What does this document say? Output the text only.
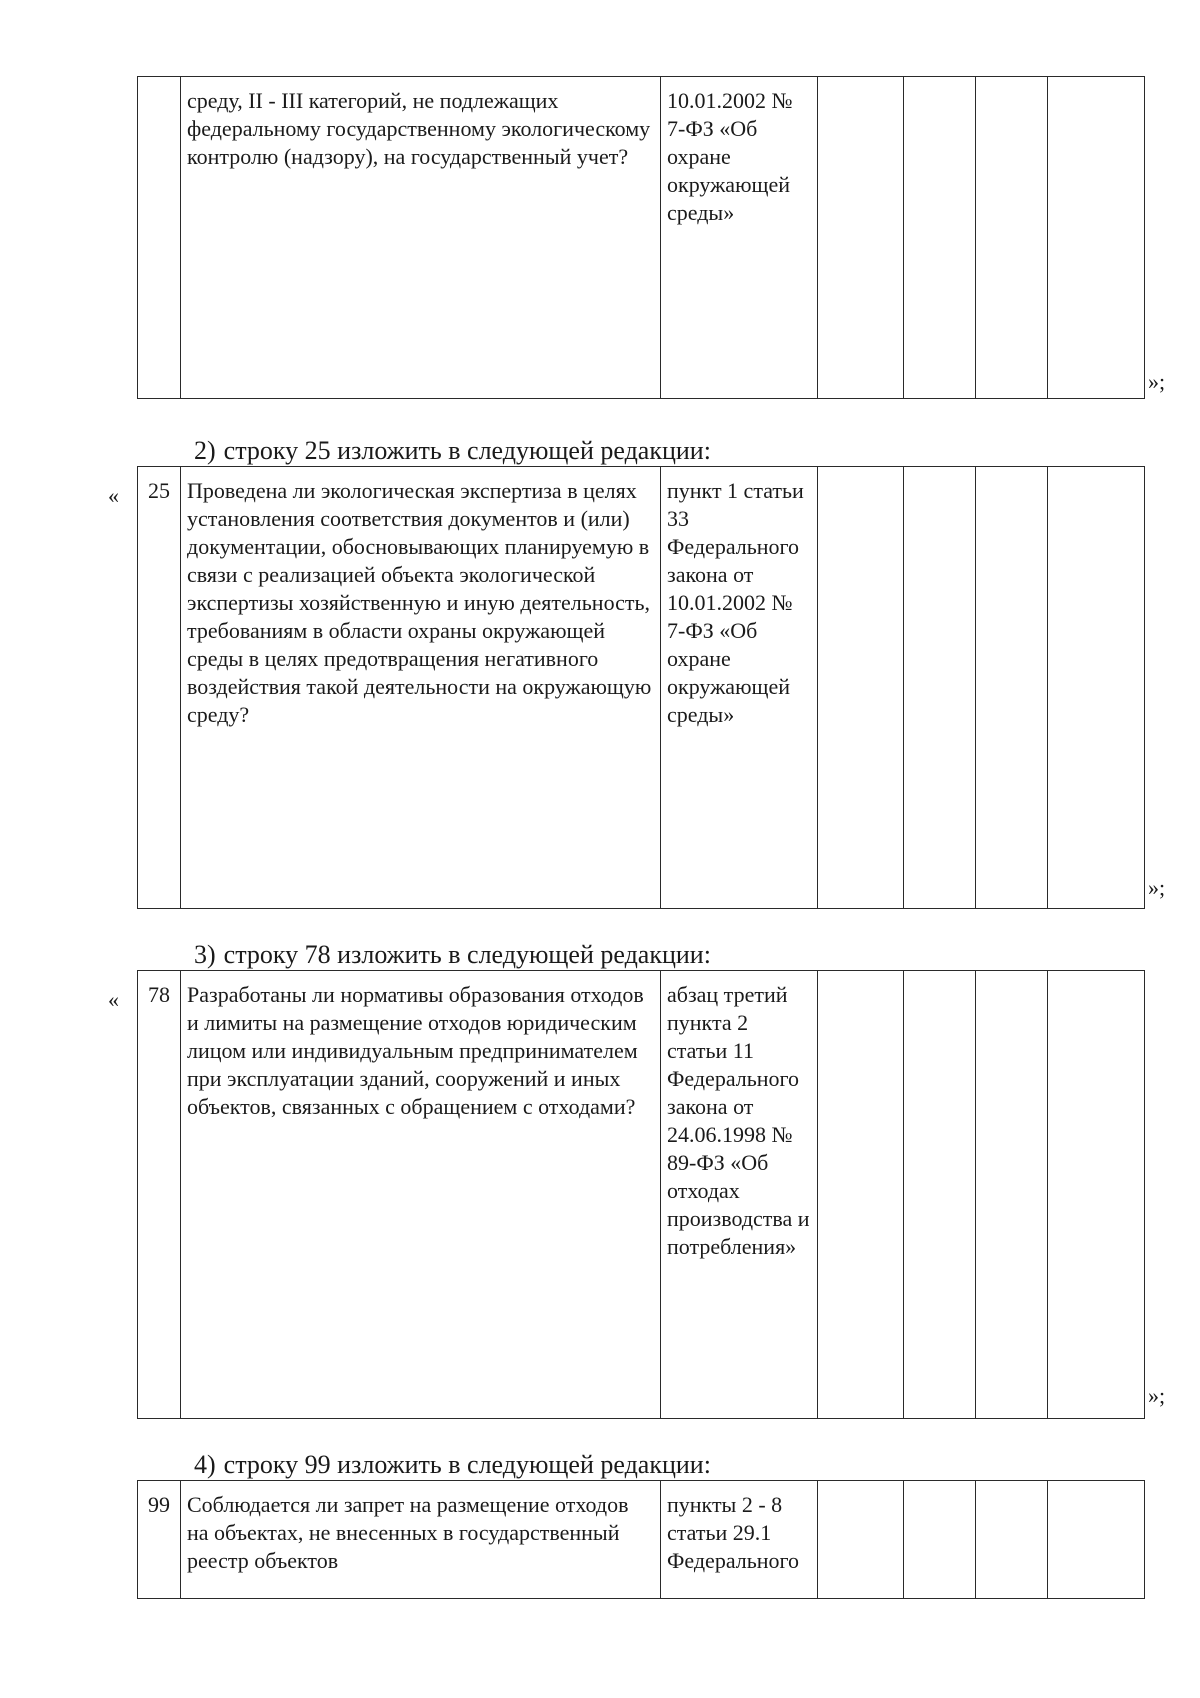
	среду, II - III категорий, не подлежащих федеральному государственному экологическому контролю (надзору), на государственный учет?	10.01.2002 № 7-ФЗ «Об охране окружающей среды»				
»;
2) строку 25 изложить в следующей редакции:
« 25	Проведена ли экологическая экспертиза в целях установления соответствия документов и (или) документации, обосновывающих планируемую в связи с реализацией объекта экологической экспертизы хозяйственную и иную деятельность, требованиям в области охраны окружающей среды в целях предотвращения негативного воздействия такой деятельности на окружающую среду?	пункт 1 статьи 33 Федерального закона от 10.01.2002 № 7-ФЗ «Об охране окружающей среды»				
»;
3) строку 78 изложить в следующей редакции:
« 78	Разработаны ли нормативы образования отходов и лимиты на размещение отходов юридическим лицом или индивидуальным предпринимателем при эксплуатации зданий, сооружений и иных объектов, связанных с обращением с отходами?	абзац третий пункта 2 статьи 11 Федерального закона от 24.06.1998 № 89-ФЗ «Об отходах производства и потребления»				
»;
4) строку 99 изложить в следующей редакции:
99	Соблюдается ли запрет на размещение отходов на объектах, не внесенных в государственный реестр объектов	пункты 2 - 8 статьи 29.1 Федерального				
